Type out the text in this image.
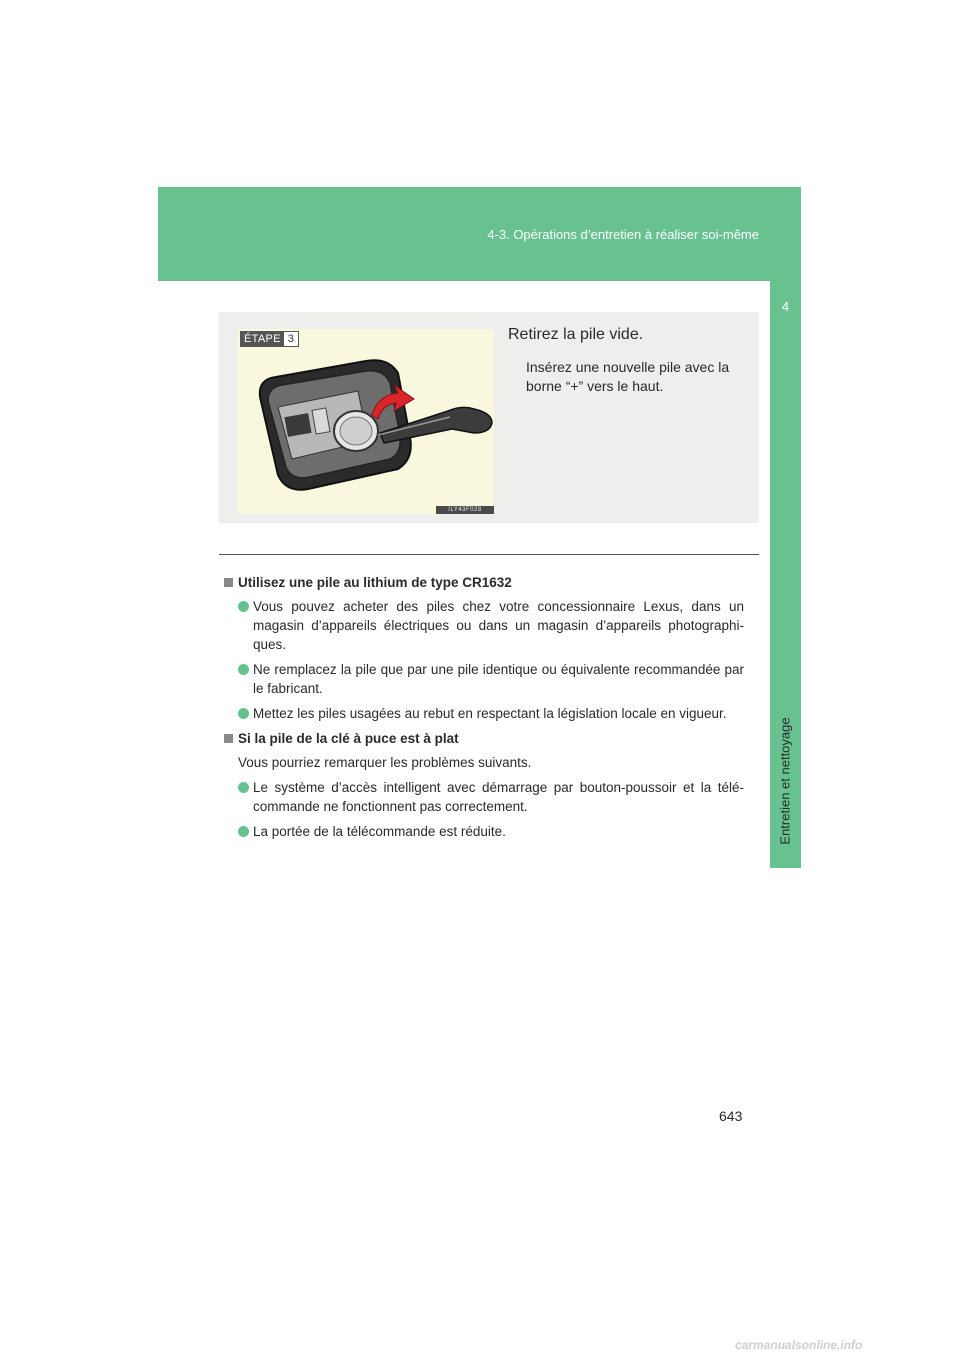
4-3. Opérations d’entretien à réaliser soi-même
4
Entretien et nettoyage
ÉTAPE 3
ILY43F028
Retirez la pile vide.
Insérez une nouvelle pile avec la borne “+” vers le haut.
Utilisez une pile au lithium de type CR1632
Vous pouvez acheter des piles chez votre concessionnaire Lexus, dans un magasin d’appareils électriques ou dans un magasin d’appareils photographi-ques.
Ne remplacez la pile que par une pile identique ou équivalente recommandée par le fabricant.
Mettez les piles usagées au rebut en respectant la législation locale en vigueur.
Si la pile de la clé à puce est à plat
Vous pourriez remarquer les problèmes suivants.
Le système d’accès intelligent avec démarrage par bouton-poussoir et la télé-commande ne fonctionnent pas correctement.
La portée de la télécommande est réduite.
643
carmanualsonline.info
